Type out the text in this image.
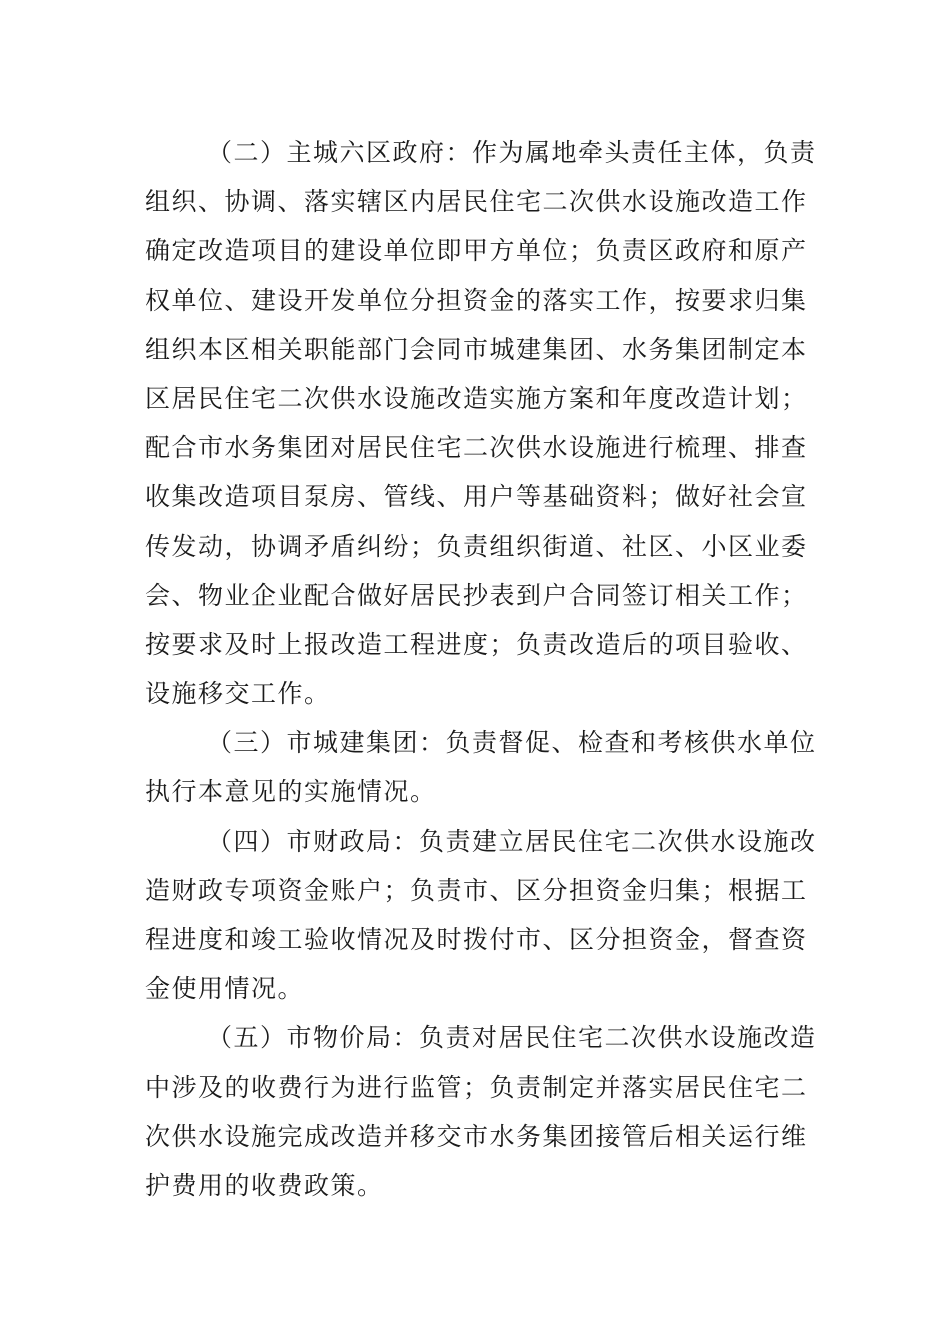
（二）主城六区政府：作为属地牵头责任主体，负责
组织、协调、落实辖区内居民住宅二次供水设施改造工作
确定改造项目的建设单位即甲方单位；负责区政府和原产
权单位、建设开发单位分担资金的落实工作，按要求归集
组织本区相关职能部门会同市城建集团、水务集团制定本
区居民住宅二次供水设施改造实施方案和年度改造计划；
配合市水务集团对居民住宅二次供水设施进行梳理、排查
收集改造项目泵房、管线、用户等基础资料；做好社会宣
传发动，协调矛盾纠纷；负责组织街道、社区、小区业委
会、物业企业配合做好居民抄表到户合同签订相关工作；
按要求及时上报改造工程进度；负责改造后的项目验收、
设施移交工作。
（三）市城建集团：负责督促、检查和考核供水单位
执行本意见的实施情况。
（四）市财政局：负责建立居民住宅二次供水设施改
造财政专项资金账户；负责市、区分担资金归集；根据工
程进度和竣工验收情况及时拨付市、区分担资金，督查资
金使用情况。
（五）市物价局：负责对居民住宅二次供水设施改造
中涉及的收费行为进行监管；负责制定并落实居民住宅二
次供水设施完成改造并移交市水务集团接管后相关运行维
护费用的收费政策。
